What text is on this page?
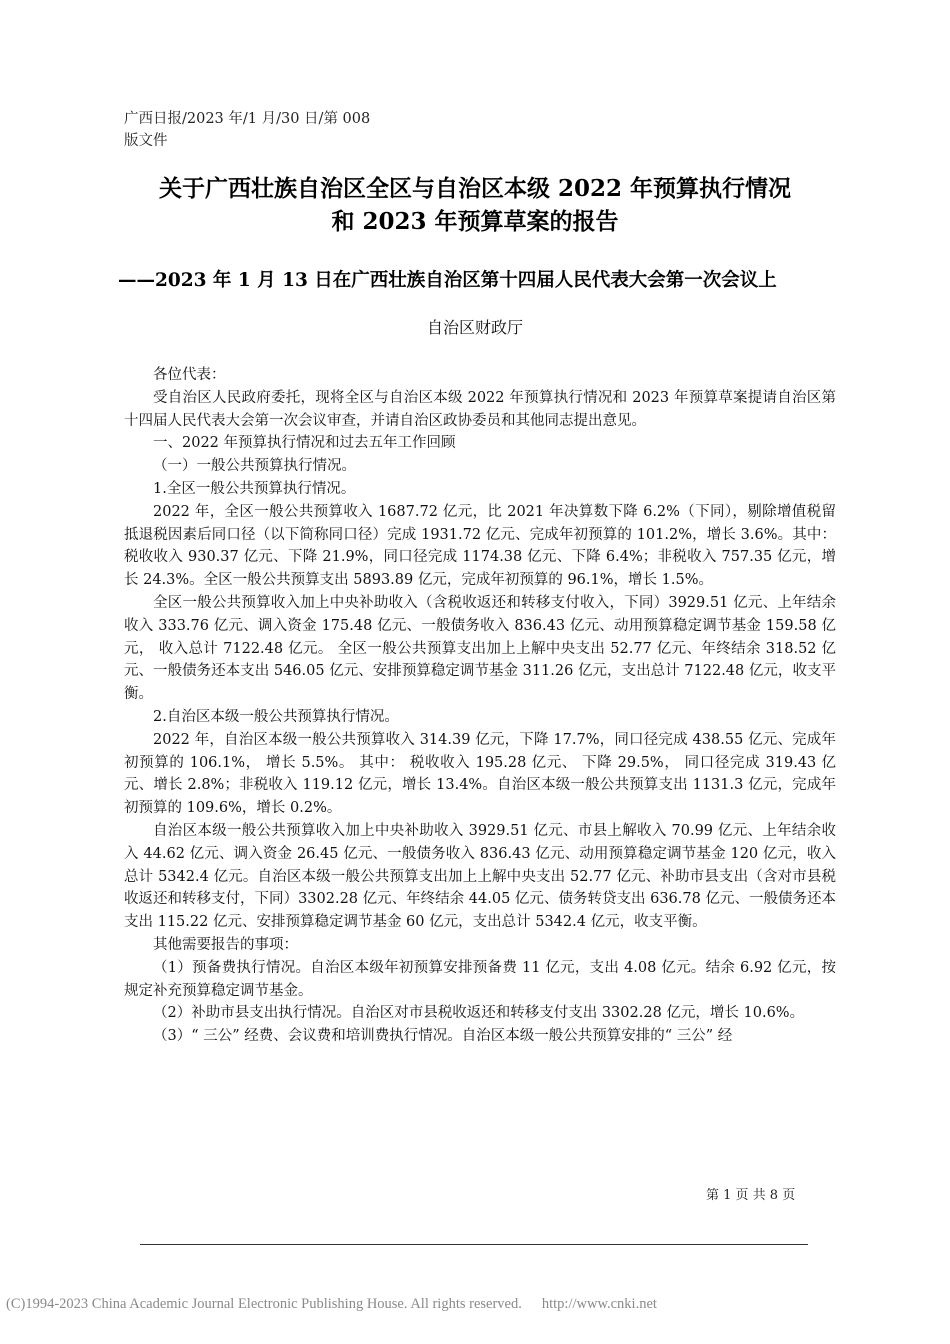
广西日报/2023 年/1 月/30 日/第 008
版文件
关于广西壮族自治区全区与自治区本级 2022 年预算执行情况
和 2023 年预算草案的报告
——2023 年 1 月 13 日在广西壮族自治区第十四届人民代表大会第一次会议上
自治区财政厅

各位代表：

受自治区人民政府委托，现将全区与自治区本级 2022 年预算执行情况和 2023 年预算草案提请自治区第十四届人民代表大会第一次会议审查，并请自治区政协委员和其他同志提出意见。

一、2022 年预算执行情况和过去五年工作回顾

（一）一般公共预算执行情况。

1.全区一般公共预算执行情况。

2022 年，全区一般公共预算收入 1687.72 亿元，比 2021 年决算数下降 6.2%（下同），剔除增值税留抵退税因素后同口径（以下简称同口径）完成 1931.72 亿元、完成年初预算的 101.2%，增长 3.6%。其中：税收收入 930.37 亿元、下降 21.9%，同口径完成 1174.38 亿元、下降 6.4%；非税收入 757.35 亿元，增长 24.3%。全区一般公共预算支出 5893.89 亿元，完成年初预算的 96.1%，增长 1.5%。

全区一般公共预算收入加上中央补助收入（含税收返还和转移支付收入，下同）3929.51 亿元、上年结余收入 333.76 亿元、调入资金 175.48 亿元、一般债务收入 836.43 亿元、动用预算稳定调节基金 159.58 亿元， 收入总计 7122.48 亿元。 全区一般公共预算支出加上上解中央支出 52.77 亿元、年终结余 318.52 亿元、一般债务还本支出 546.05 亿元、安排预算稳定调节基金 311.26 亿元，支出总计 7122.48 亿元，收支平衡。

2.自治区本级一般公共预算执行情况。

2022 年，自治区本级一般公共预算收入 314.39 亿元，下降 17.7%，同口径完成 438.55 亿元、完成年初预算的 106.1%， 增长 5.5%。 其中： 税收收入 195.28 亿元、 下降 29.5%， 同口径完成 319.43 亿元、增长 2.8%；非税收入 119.12 亿元，增长 13.4%。自治区本级一般公共预算支出 1131.3 亿元，完成年初预算的 109.6%，增长 0.2%。

自治区本级一般公共预算收入加上中央补助收入 3929.51 亿元、市县上解收入 70.99 亿元、上年结余收入 44.62 亿元、调入资金 26.45 亿元、一般债务收入 836.43 亿元、动用预算稳定调节基金 120 亿元，收入总计 5342.4 亿元。自治区本级一般公共预算支出加上上解中央支出 52.77 亿元、补助市县支出（含对市县税收返还和转移支付，下同）3302.28 亿元、年终结余 44.05 亿元、债务转贷支出 636.78 亿元、一般债务还本支出 115.22 亿元、安排预算稳定调节基金 60 亿元，支出总计 5342.4 亿元，收支平衡。

其他需要报告的事项：

（1）预备费执行情况。自治区本级年初预算安排预备费 11 亿元，支出 4.08 亿元。结余 6.92 亿元，按规定补充预算稳定调节基金。

（2）补助市县支出执行情况。自治区对市县税收返还和转移支付支出 3302.28 亿元，增长 10.6%。

（3）“ 三公” 经费、会议费和培训费执行情况。自治区本级一般公共预算安排的“ 三公” 经

第 1 页 共 8 页
(C)1994-2023 China Academic Journal Electronic Publishing House. All rights reserved. http://www.cnki.net
